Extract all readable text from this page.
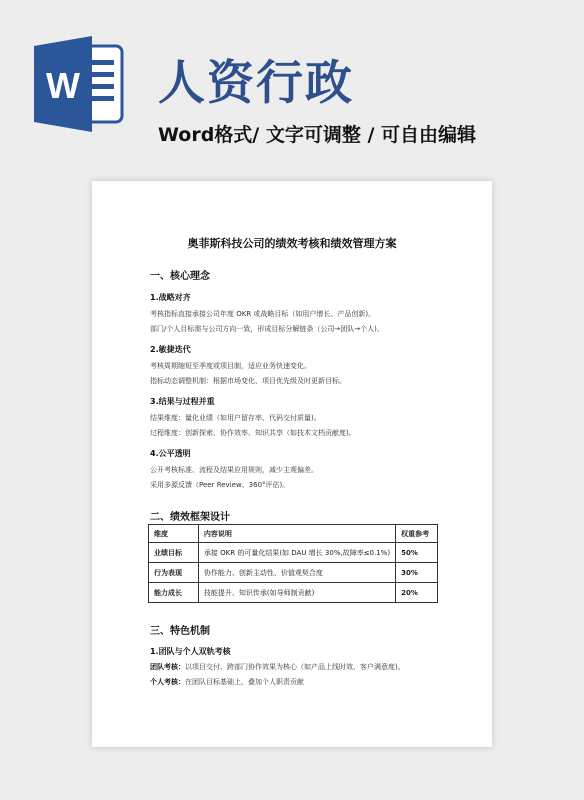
W 人资行政
Word格式/ 文字可调整 / 可自由编辑
奥菲斯科技公司的绩效考核和绩效管理方案
一、核心理念
1.战略对齐
考核指标直接承接公司年度 OKR 或战略目标（如用户增长、产品创新)。
部门/个人目标需与公司方向一致，形成目标分解链条（公司→团队→个人)。
2.敏捷迭代
考核周期缩短至季度或项目制，适应业务快速变化。
指标动态调整机制：根据市场变化、项目优先级及时更新目标。
3.结果与过程并重
结果维度：量化业绩（如用户留存率、代码交付质量)。
过程维度：创新探索、协作效率、知识共享（如技术文档贡献度)。
4.公平透明
公开考核标准、流程及结果应用规则，减少主观偏差。
采用多源反馈（Peer Review、360°评估)。
二、绩效框架设计
维度	内容说明	权重参考
业绩目标	承接 OKR 的可量化结果(如 DAU 增长 30%,故障率≤0.1%)	50%
行为表现	协作能力、创新主动性、价值观契合度	30%
能力成长	技能提升、知识传承(如导师制贡献)	20%
三、特色机制
1.团队与个人双轨考核
团队考核：以项目交付、跨部门协作效果为核心（如产品上线时效、客户满意度)。
个人考核：在团队目标基础上，叠加个人职责贡献
